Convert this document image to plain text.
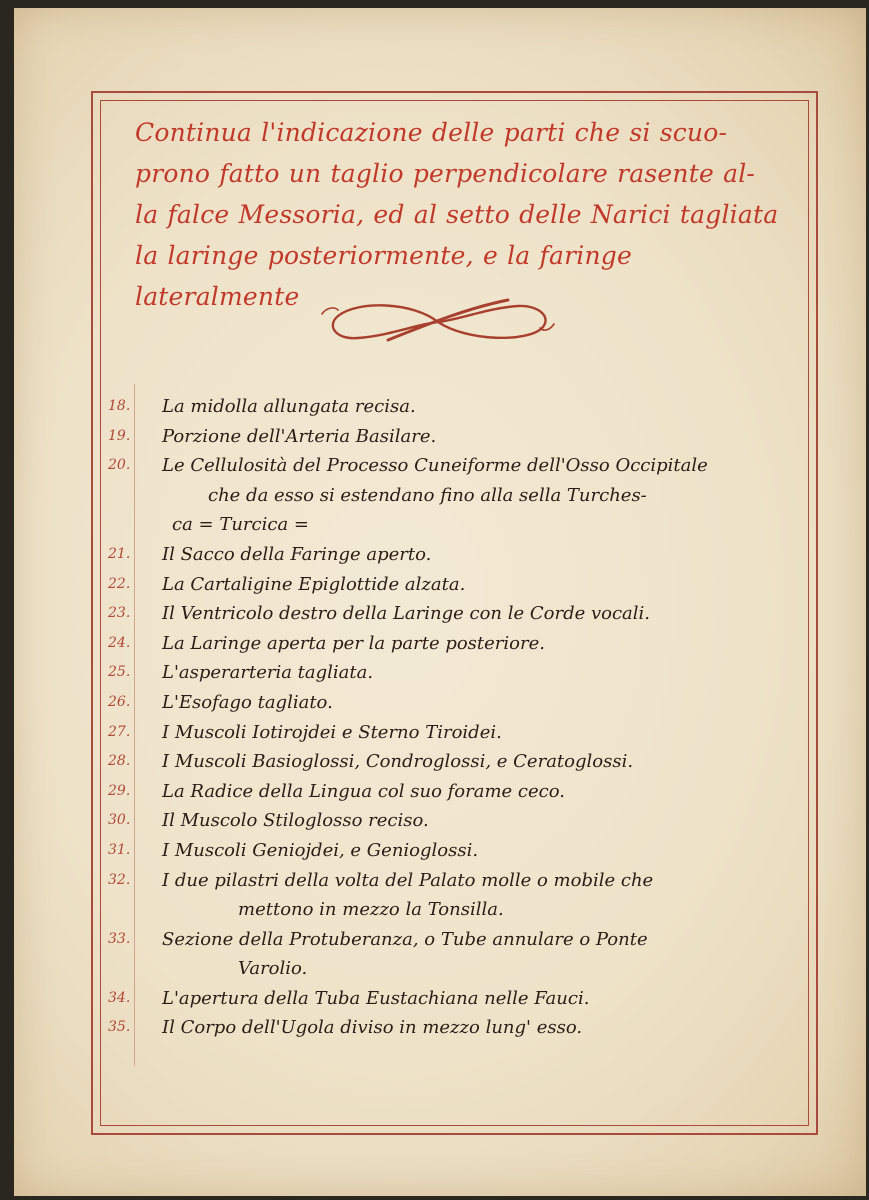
Continua l'indicazione delle parti che si scuo-
prono fatto un taglio perpendicolare rasente al-
la falce Messoria, ed al setto delle Narici tagliata
la laringe posteriormente, e la faringe lateralmente

18.	La midolla allungata recisa.
19.	Porzione dell'Arteria Basilare.
20.	Le Cellulosità del Processo Cuneiforme dell'Osso Occipitale
che da esso si estendano fino alla sella Turches-
ca = Turcica =
21.	Il Sacco della Faringe aperto.
22.	La Cartaligine Epiglottide alzata.
23.	Il Ventricolo destro della Laringe con le Corde vocali.
24.	La Laringe aperta per la parte posteriore.
25.	L'asperarteria tagliata.
26.	L'Esofago tagliato.
27.	I Muscoli Iotirojdei e Sterno Tiroidei.
28.	I Muscoli Basioglossi, Condroglossi, e Ceratoglossi.
29.	La Radice della Lingua col suo forame ceco.
30.	Il Muscolo Stiloglosso reciso.
31.	I Muscoli Geniojdei, e Genioglossi.
32.	I due pilastri della volta del Palato molle o mobile che
mettono in mezzo la Tonsilla.
33.	Sezione della Protuberanza, o Tube annulare o Ponte
Varolio.
34.	L'apertura della Tuba Eustachiana nelle Fauci.
35.	Il Corpo dell'Ugola diviso in mezzo lung' esso.
